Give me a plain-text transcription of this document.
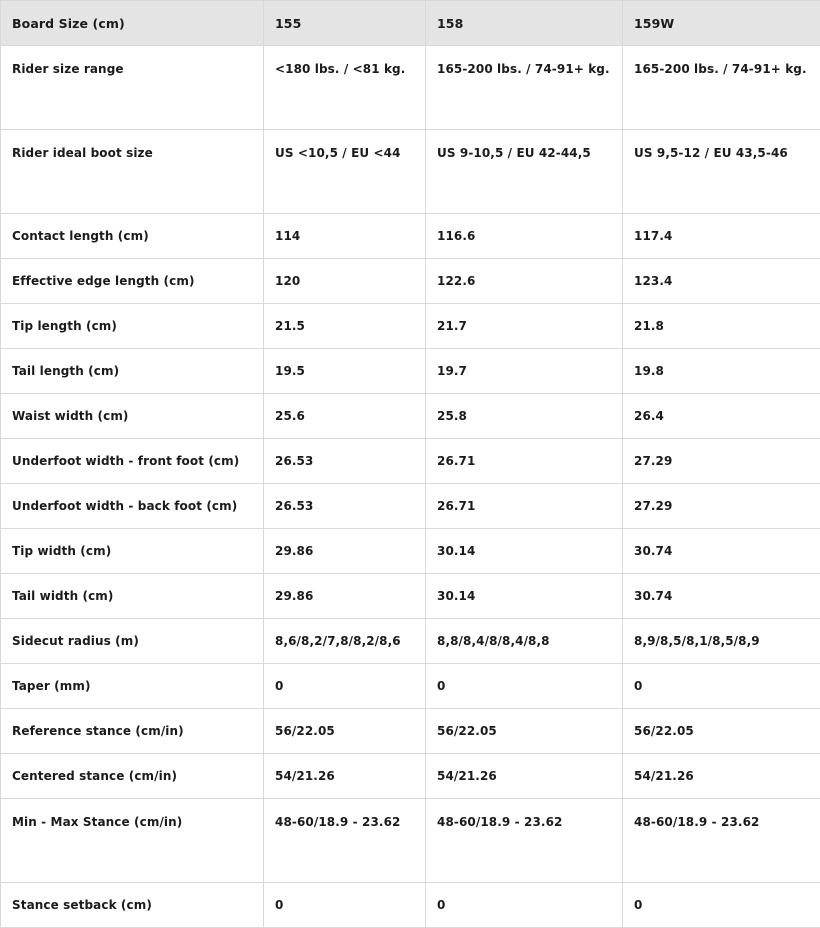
Board Size (cm)	155	158	159W
Rider size range	<180 lbs. / <81 kg.	165-200 lbs. / 74-91+ kg.	165-200 lbs. / 74-91+ kg.
Rider ideal boot size	US <10,5 / EU <44	US 9-10,5 / EU 42-44,5	US 9,5-12 / EU 43,5-46
Contact length (cm)	114	116.6	117.4
Effective edge length (cm)	120	122.6	123.4
Tip length (cm)	21.5	21.7	21.8
Tail length (cm)	19.5	19.7	19.8
Waist width (cm)	25.6	25.8	26.4
Underfoot width - front foot (cm)	26.53	26.71	27.29
Underfoot width - back foot (cm)	26.53	26.71	27.29
Tip width (cm)	29.86	30.14	30.74
Tail width (cm)	29.86	30.14	30.74
Sidecut radius (m)	8,6/8,2/7,8/8,2/8,6	8,8/8,4/8/8,4/8,8	8,9/8,5/8,1/8,5/8,9
Taper (mm)	0	0	0
Reference stance (cm/in)	56/22.05	56/22.05	56/22.05
Centered stance (cm/in)	54/21.26	54/21.26	54/21.26
Min - Max Stance (cm/in)	48-60/18.9 - 23.62	48-60/18.9 - 23.62	48-60/18.9 - 23.62
Stance setback (cm)	0	0	0
